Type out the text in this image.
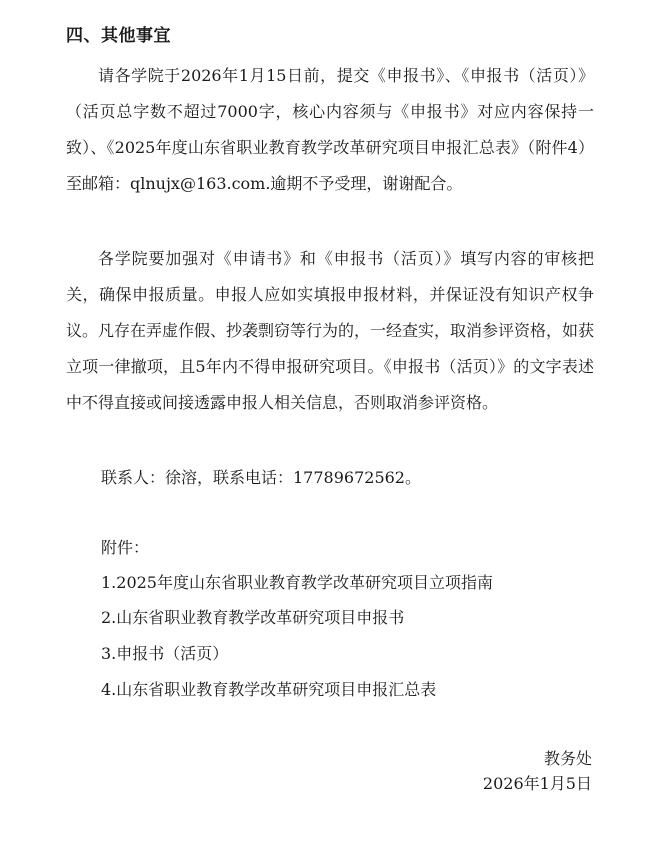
四、其他事宜

请各学院于2026年1月15日前，提交《申报书》、《申报书（活页）》（活页总字数不超过7000字，核心内容须与《申报书》对应内容保持一致）、《2025年度山东省职业教育教学改革研究项目申报汇总表》（附件4）至邮箱：qlnujx@163.com.逾期不予受理，谢谢配合。

各学院要加强对《申请书》和《申报书（活页）》填写内容的审核把关，确保申报质量。申报人应如实填报申报材料，并保证没有知识产权争议。凡存在弄虚作假、抄袭剽窃等行为的，一经查实，取消参评资格，如获立项一律撤项，且5年内不得申报研究项目。《申报书（活页）》的文字表述中不得直接或间接透露申报人相关信息，否则取消参评资格。

联系人：徐溶，联系电话：17789672562。
附件：
1.2025年度山东省职业教育教学改革研究项目立项指南
2.山东省职业教育教学改革研究项目申报书
3.申报书（活页）
4.山东省职业教育教学改革研究项目申报汇总表
教务处
2026年1月5日
